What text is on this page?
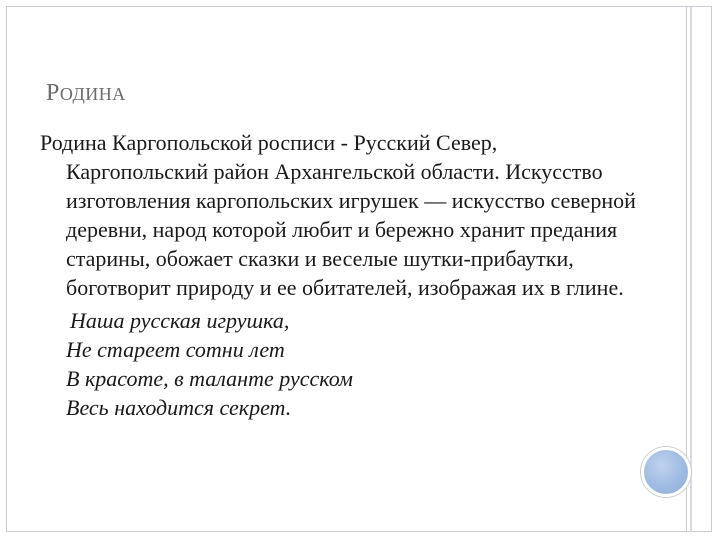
РОДИНА

Родина Каргопольской росписи - Русский Север, Каргопольский район Архангельской области. Искусство изготовления каргопольских игрушек — искусство северной деревни, народ которой любит и бережно хранит предания старины, обожает сказки и веселые шутки-прибаутки, боготворит природу и ее обитателей, изображая их в глине.

Наша русская игрушка,
Не стареет сотни лет
В красоте, в таланте русском
Весь находится секрет.
